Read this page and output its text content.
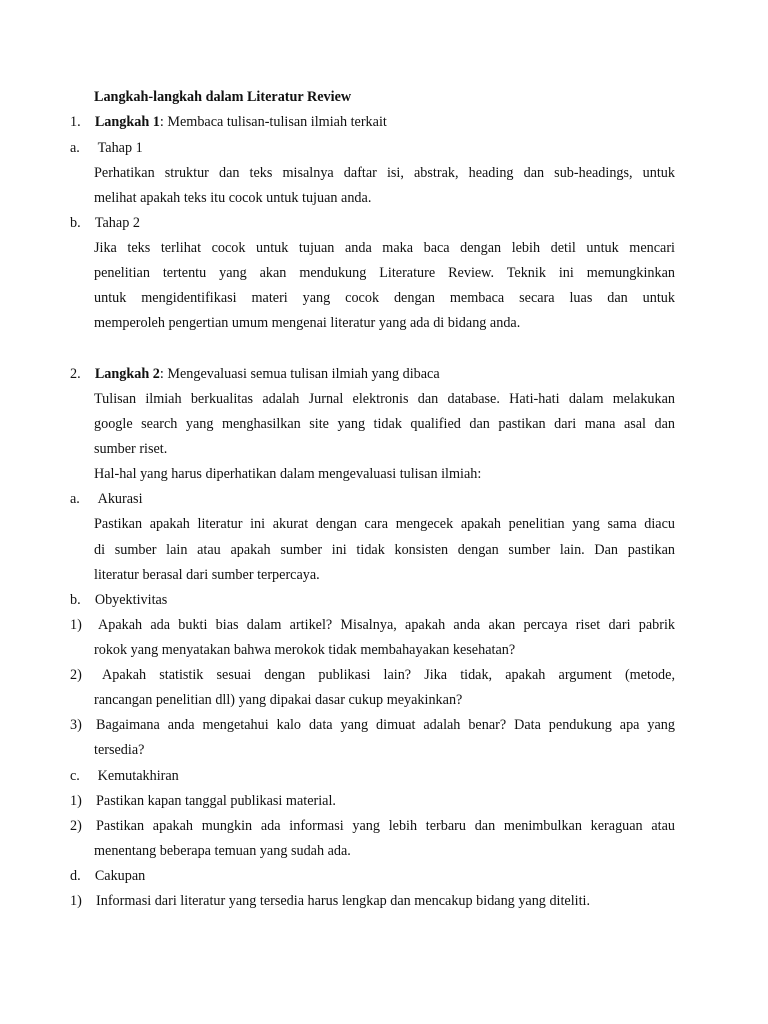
Langkah-langkah dalam Literatur Review
1. Langkah 1: Membaca tulisan-tulisan ilmiah terkait
a. Tahap 1
Perhatikan struktur dan teks misalnya daftar isi, abstrak, heading dan sub-headings, untuk
melihat apakah teks itu cocok untuk tujuan anda.
b. Tahap 2
Jika teks terlihat cocok untuk tujuan anda maka baca dengan lebih detil untuk mencari
penelitian tertentu yang akan mendukung Literature Review. Teknik ini memungkinkan
untuk mengidentifikasi materi yang cocok dengan membaca secara luas dan untuk
memperoleh pengertian umum mengenai literatur yang ada di bidang anda.
2. Langkah 2: Mengevaluasi semua tulisan ilmiah yang dibaca
Tulisan ilmiah berkualitas adalah Jurnal elektronis dan database. Hati-hati dalam melakukan
google search yang menghasilkan site yang tidak qualified dan pastikan dari mana asal dan
sumber riset.
Hal-hal yang harus diperhatikan dalam mengevaluasi tulisan ilmiah:
a. Akurasi
Pastikan apakah literatur ini akurat dengan cara mengecek apakah penelitian yang sama diacu
di sumber lain atau apakah sumber ini tidak konsisten dengan sumber lain. Dan pastikan
literatur berasal dari sumber terpercaya.
b. Obyektivitas
1) Apakah ada bukti bias dalam artikel? Misalnya, apakah anda akan percaya riset dari pabrik
rokok yang menyatakan bahwa merokok tidak membahayakan kesehatan?
2) Apakah statistik sesuai dengan publikasi lain? Jika tidak, apakah argument (metode,
rancangan penelitian dll) yang dipakai dasar cukup meyakinkan?
3) Bagaimana anda mengetahui kalo data yang dimuat adalah benar? Data pendukung apa yang
tersedia?
c. Kemutakhiran
1) Pastikan kapan tanggal publikasi material.
2) Pastikan apakah mungkin ada informasi yang lebih terbaru dan menimbulkan keraguan atau
menentang beberapa temuan yang sudah ada.
d. Cakupan
1) Informasi dari literatur yang tersedia harus lengkap dan mencakup bidang yang diteliti.
